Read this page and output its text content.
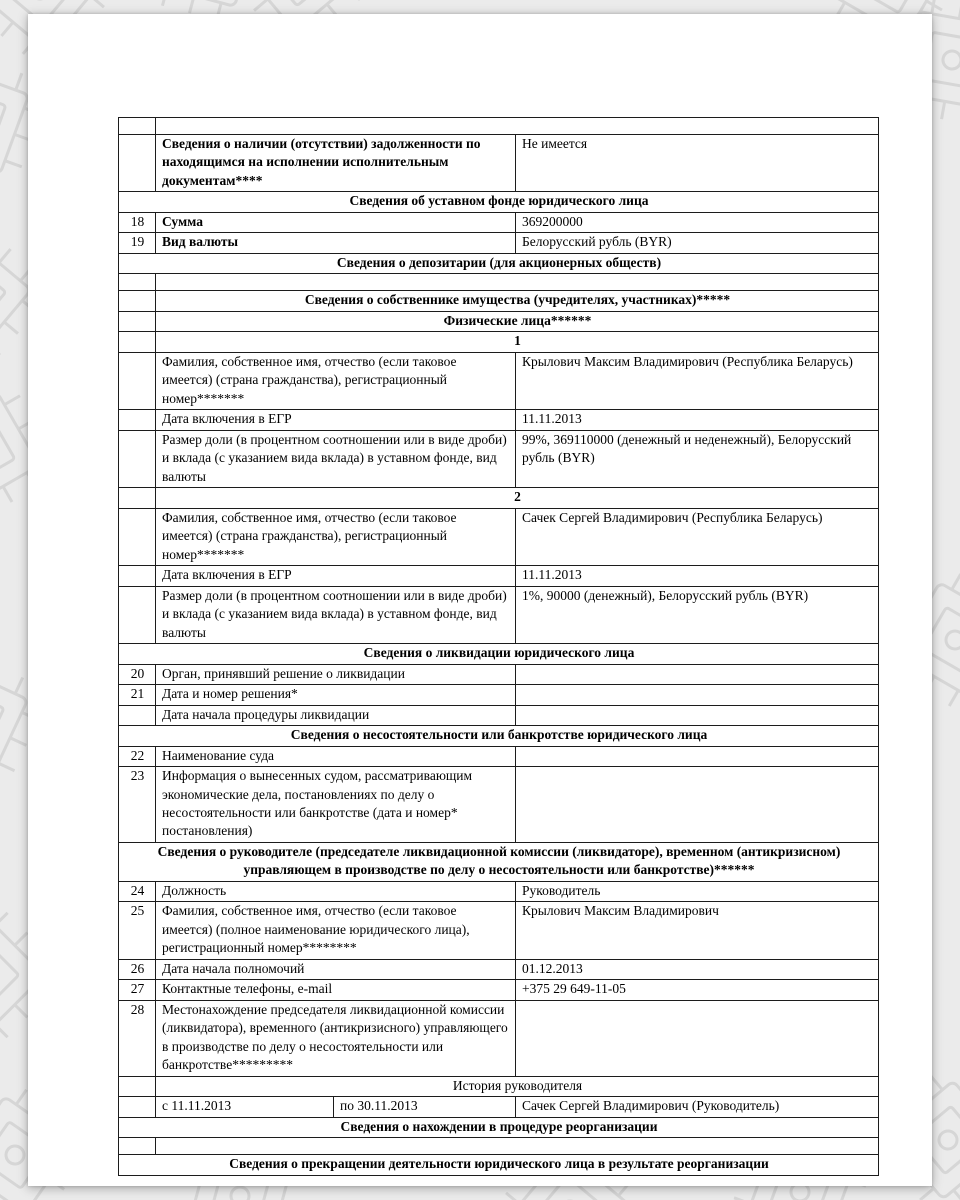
	Сведения о наличии (отсутствии) задолженности по находящимся на исполнении исполнительным документам****		Не имеется
Сведения об уставном фонде юридического лица			
18	Сумма		369200000
19	Вид валюты		Белорусский рубль (BYR)
Сведения о депозитарии (для акционерных обществ)			

	Сведения о собственнике имущества (учредителях, участниках)*****		
	Физические лица******		
	1		
	Фамилия, собственное имя, отчество (если таковое имеется) (страна гражданства), регистрационный номер*******		Крылович Максим Владимирович (Республика Беларусь)
	Дата включения в ЕГР		11.11.2013
	Размер доли (в процентном соотношении или в виде дроби) и вклада (с указанием вида вклада) в уставном фонде, вид валюты		99%, 369110000 (денежный и неденежный), Белорусский рубль (BYR)
	2		
	Фамилия, собственное имя, отчество (если таковое имеется) (страна гражданства), регистрационный номер*******		Сачек Сергей Владимирович (Республика Беларусь)
	Дата включения в ЕГР		11.11.2013
	Размер доли (в процентном соотношении или в виде дроби) и вклада (с указанием вида вклада) в уставном фонде, вид валюты		1%, 90000 (денежный), Белорусский рубль (BYR)
Сведения о ликвидации юридического лица			
20	Орган, принявший решение о ликвидации		
21	Дата и номер решения*		
	Дата начала процедуры ликвидации		
Сведения о несостоятельности или банкротстве юридического лица			
22	Наименование суда		
23	Информация о вынесенных судом, рассматривающим экономические дела, постановлениях по делу о несостоятельности или банкротстве (дата и номер* постановления)		
Сведения о руководителе (председателе ликвидационной комиссии (ликвидаторе), временном (антикризисном) управляющем в производстве по делу о несостоятельности или банкротстве)******			
24	Должность		Руководитель
25	Фамилия, собственное имя, отчество (если таковое имеется) (полное наименование юридического лица), регистрационный номер********		Крылович Максим Владимирович
26	Дата начала полномочий		01.12.2013
27	Контактные телефоны, e-mail		+375 29 649-11-05
28	Местонахождение председателя ликвидационной комиссии (ликвидатора), временного (антикризисного) управляющего в производстве по делу о несостоятельности или банкротстве*********		
	История руководителя		
	с 11.11.2013	по 30.11.2013	Сачек Сергей Владимирович (Руководитель)
Сведения о нахождении в процедуре реорганизации			

Сведения о прекращении деятельности юридического лица в результате реорганизации			
